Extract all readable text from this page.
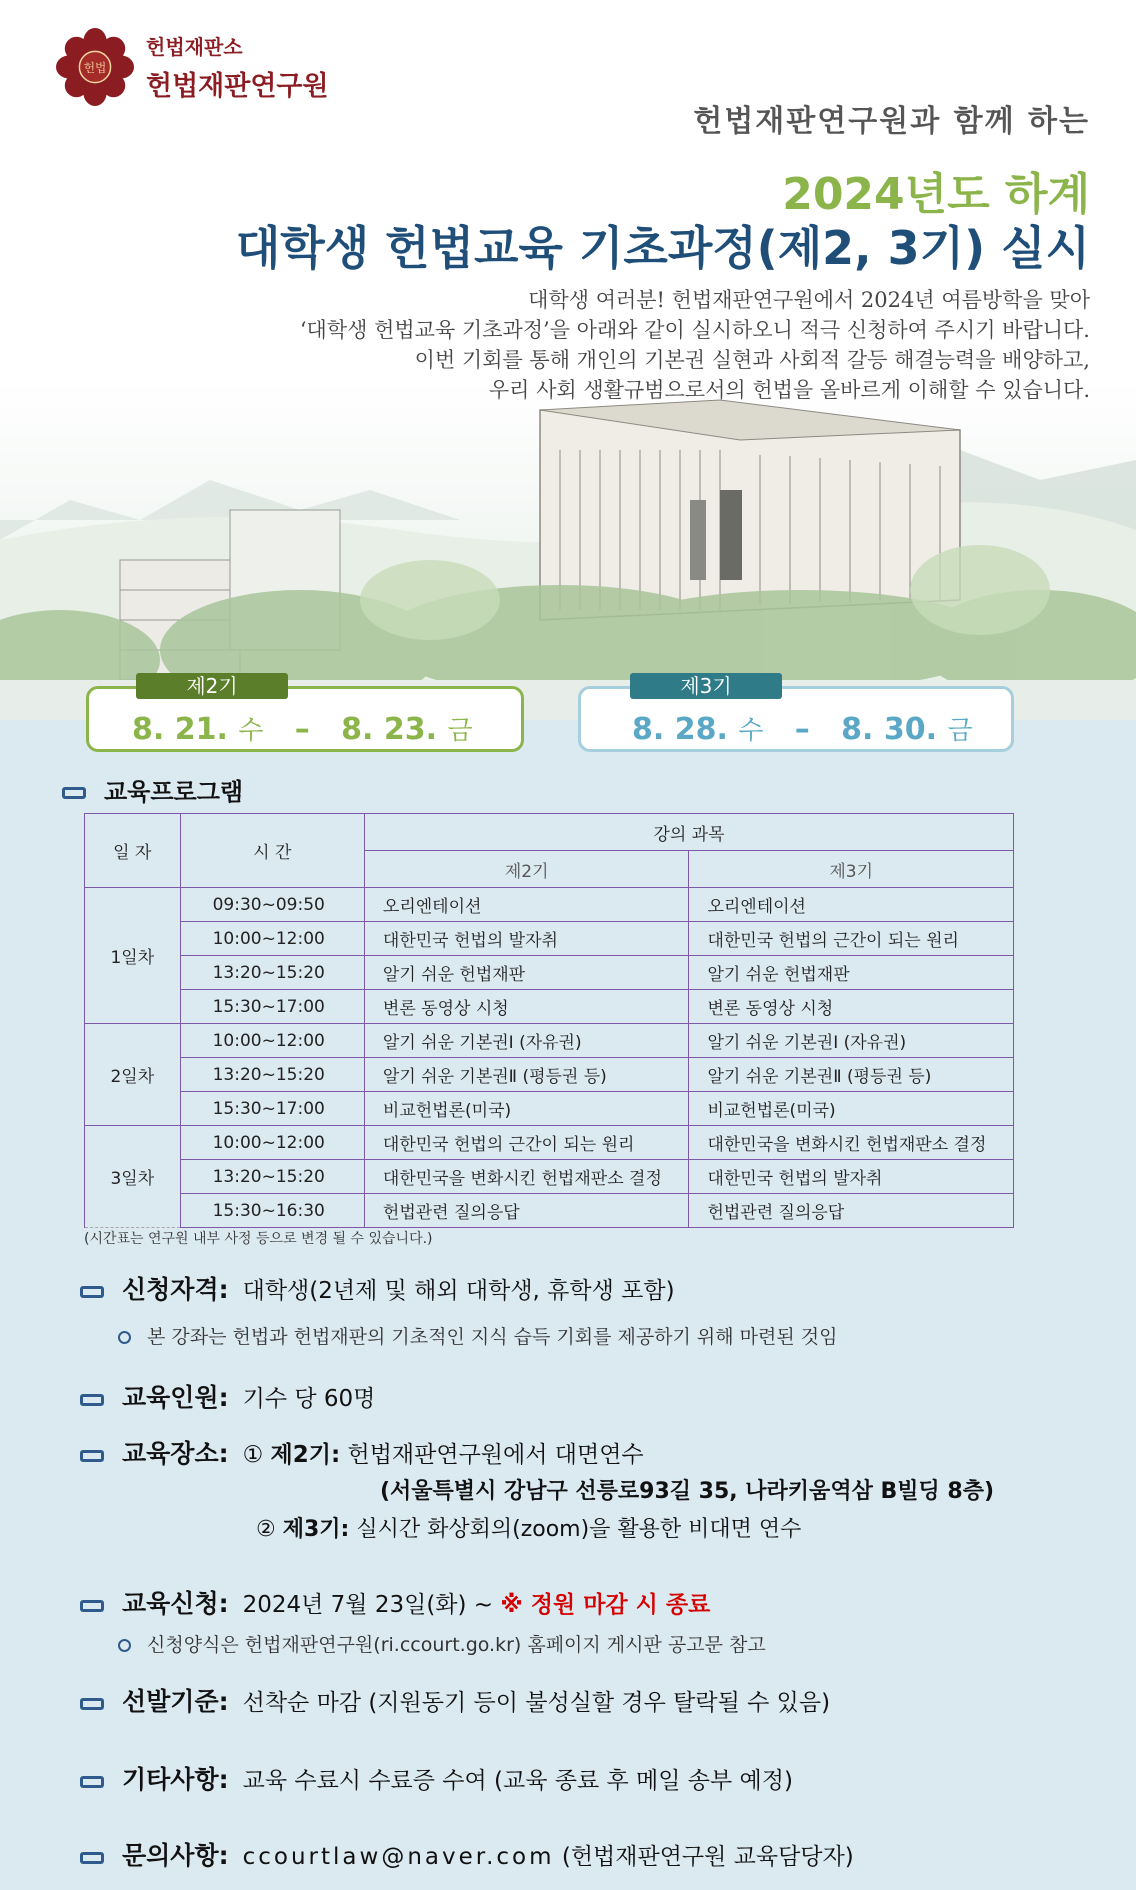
헌법
헌법재판소
헌법재판연구원
헌법재판연구원과 함께 하는
2024년도 하계
대학생 헌법교육 기초과정(제2, 3기) 실시
대학생 여러분! 헌법재판연구원에서 2024년 여름방학을 맞아
‘대학생 헌법교육 기초과정’을 아래와 같이 실시하오니 적극 신청하여 주시기 바랍니다.
이번 기회를 통해 개인의 기본권 실현과 사회적 갈등 해결능력을 배양하고,
우리 사회 생활규범으로서의 헌법을 올바르게 이해할 수 있습니다.
제2기
8. 21. 수 – 8. 23. 금
제3기
8. 28. 수 – 8. 30. 금
교육프로그램
일 자	시 간	강의 과목	
		제2기	제3기
1일차	09:30~09:50	오리엔테이션	오리엔테이션
	10:00~12:00	대한민국 헌법의 발자취	대한민국 헌법의 근간이 되는 원리
	13:20~15:20	알기 쉬운 헌법재판	알기 쉬운 헌법재판
	15:30~17:00	변론 동영상 시청	변론 동영상 시청
2일차	10:00~12:00	알기 쉬운 기본권Ⅰ (자유권)	알기 쉬운 기본권Ⅰ (자유권)
	13:20~15:20	알기 쉬운 기본권Ⅱ (평등권 등)	알기 쉬운 기본권Ⅱ (평등권 등)
	15:30~17:00	비교헌법론(미국)	비교헌법론(미국)
3일차	10:00~12:00	대한민국 헌법의 근간이 되는 원리	대한민국을 변화시킨 헌법재판소 결정
	13:20~15:20	대한민국을 변화시킨 헌법재판소 결정	대한민국 헌법의 발자취
	15:30~16:30	헌법관련 질의응답	헌법관련 질의응답
(시간표는 연구원 내부 사정 등으로 변경 될 수 있습니다.)
신청자격: 대학생(2년제 및 해외 대학생, 휴학생 포함)
본 강좌는 헌법과 헌법재판의 기초적인 지식 습득 기회를 제공하기 위해 마련된 것임
교육인원: 기수 당 60명
교육장소: ① 제2기: 헌법재판연구원에서 대면연수
(서울특별시 강남구 선릉로93길 35, 나라키움역삼 B빌딩 8층)
② 제3기: 실시간 화상회의(zoom)을 활용한 비대면 연수
교육신청: 2024년 7월 23일(화) ~ ※ 정원 마감 시 종료
신청양식은 헌법재판연구원(ri.ccourt.go.kr) 홈페이지 게시판 공고문 참고
선발기준: 선착순 마감 (지원동기 등이 불성실할 경우 탈락될 수 있음)
기타사항: 교육 수료시 수료증 수여 (교육 종료 후 메일 송부 예정)
문의사항: ccourtlaw@naver.com (헌법재판연구원 교육담당자)
